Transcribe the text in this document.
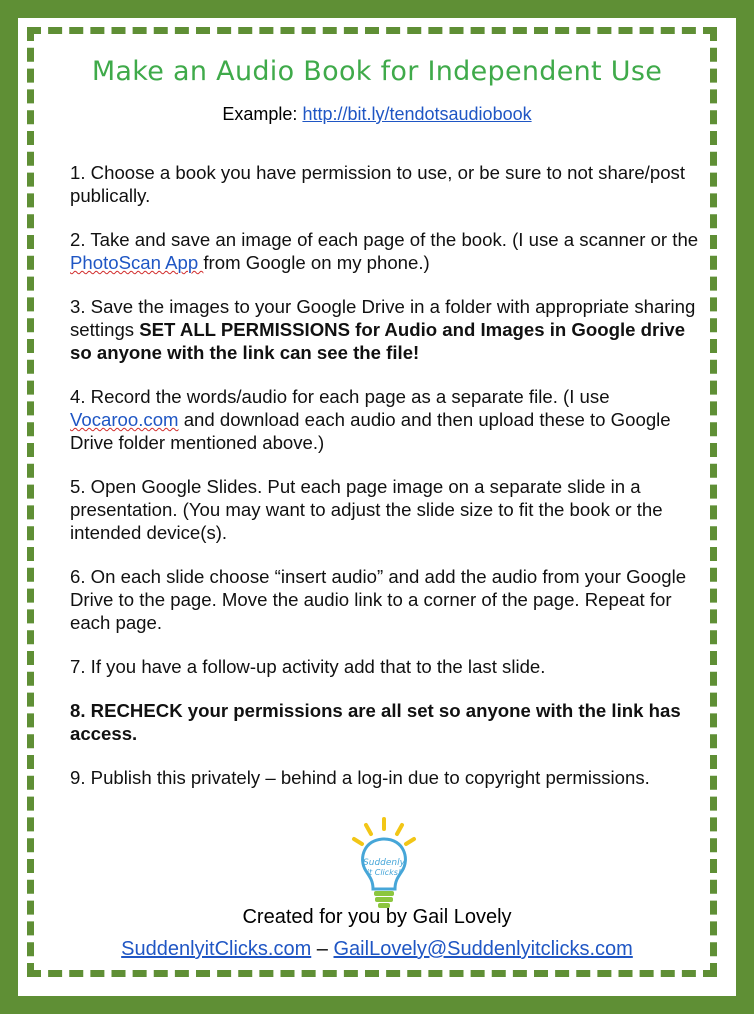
Make an Audio Book for Independent Use
Example: http://bit.ly/tendotsaudiobook

1. Choose a book you have permission to use, or be sure to not share/post publically.

2. Take and save an image of each page of the book. (I use a scanner or the PhotoScan App from Google on my phone.)

3. Save the images to your Google Drive in a folder with appropriate sharing settings SET ALL PERMISSIONS for Audio and Images in Google drive so anyone with the link can see the file!

4. Record the words/audio for each page as a separate file. (I use Vocaroo.com and download each audio and then upload these to Google Drive folder mentioned above.)

5. Open Google Slides. Put each page image on a separate slide in a presentation. (You may want to adjust the slide size to fit the book or the intended device(s).

6. On each slide choose “insert audio” and add the audio from your Google Drive to the page. Move the audio link to a corner of the page. Repeat for each page.

7. If you have a follow-up activity add that to the last slide.

8. RECHECK your permissions are all set so anyone with the link has access.

9. Publish this privately – behind a log-in due to copyright permissions.

Suddenly
it Clicks!
Created for you by Gail Lovely
SuddenlyitClicks.com – GailLovely@Suddenlyitclicks.com
